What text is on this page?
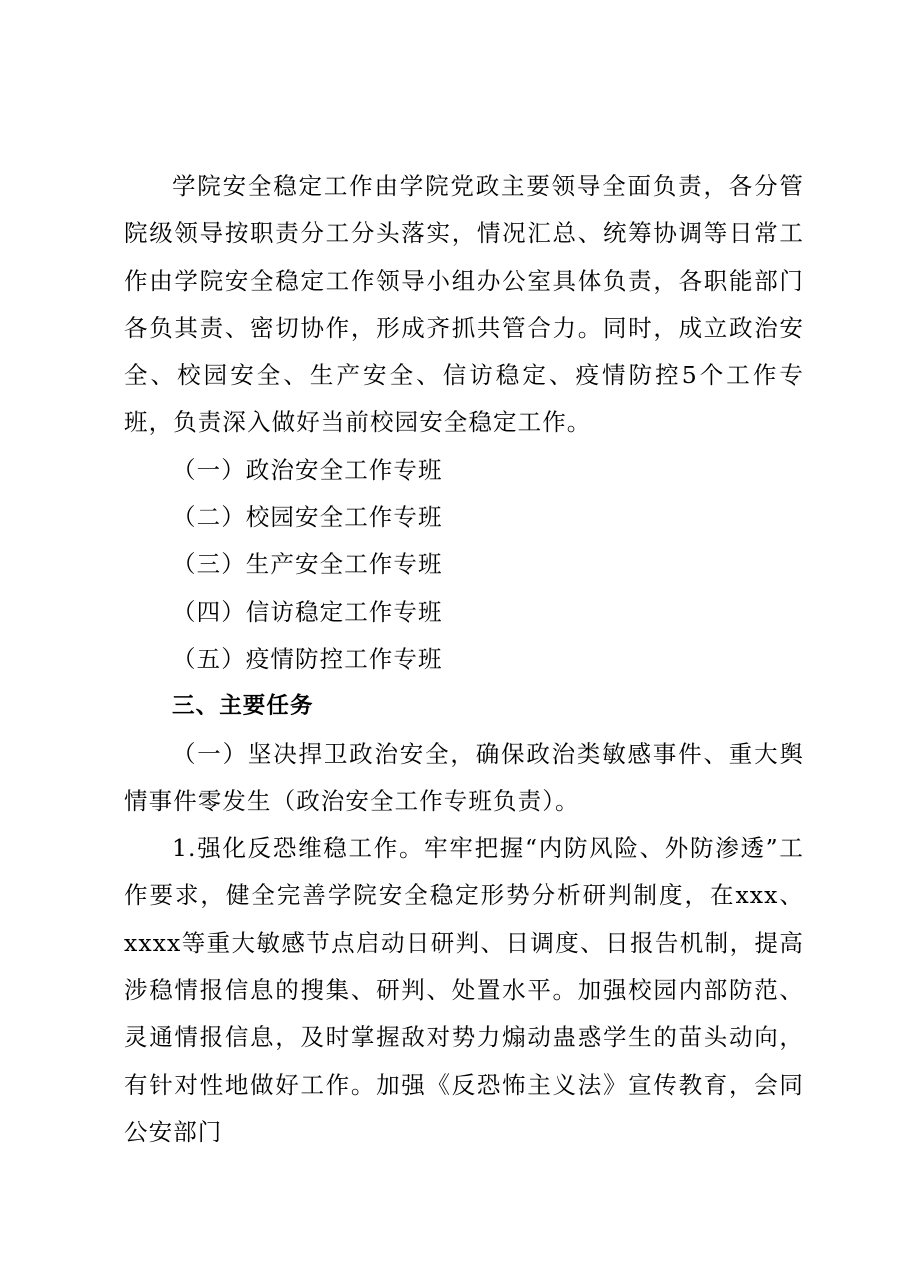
学院安全稳定工作由学院党政主要领导全面负责，各分管院级领导按职责分工分头落实，情况汇总、统筹协调等日常工作由学院安全稳定工作领导小组办公室具体负责，各职能部门各负其责、密切协作，形成齐抓共管合力。同时，成立政治安全、校园安全、生产安全、信访稳定、疫情防控5个工作专班，负责深入做好当前校园安全稳定工作。

（一）政治安全工作专班

（二）校园安全工作专班

（三）生产安全工作专班

（四）信访稳定工作专班

（五）疫情防控工作专班

三、主要任务

（一）坚决捍卫政治安全，确保政治类敏感事件、重大舆情事件零发生（政治安全工作专班负责）。

1.强化反恐维稳工作。牢牢把握“内防风险、外防渗透”工作要求，健全完善学院安全稳定形势分析研判制度，在xxx、xxxx等重大敏感节点启动日研判、日调度、日报告机制，提高涉稳情报信息的搜集、研判、处置水平。加强校园内部防范、灵通情报信息，及时掌握敌对势力煽动蛊惑学生的苗头动向，有针对性地做好工作。加强《反恐怖主义法》宣传教育，会同公安部门
